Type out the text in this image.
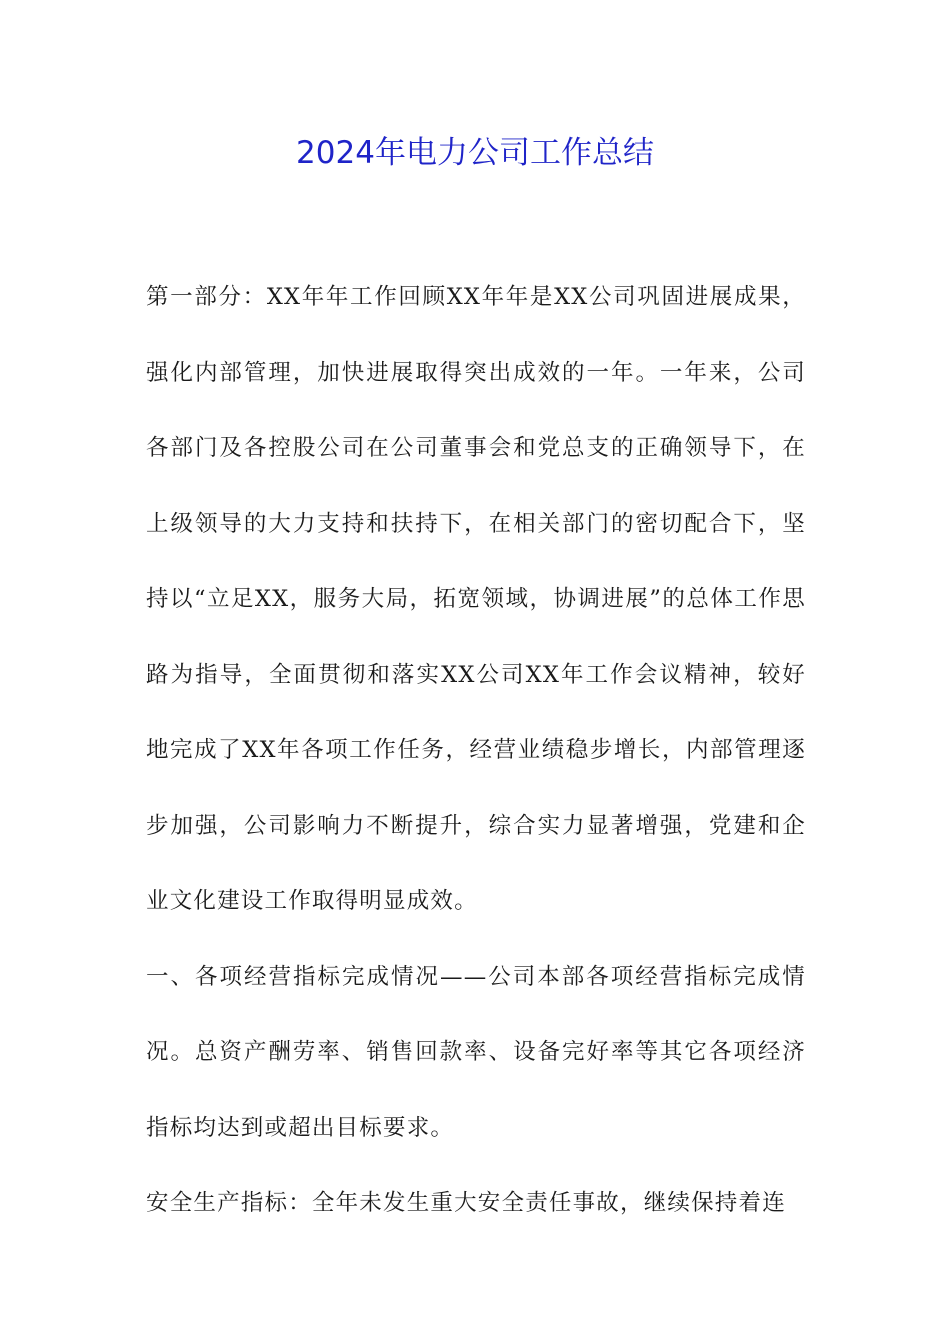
2024年电力公司工作总结

第一部分：XX年年工作回顾XX年年是XX公司巩固进展成果，强化内部管理，加快进展取得突出成效的一年。一年来，公司各部门及各控股公司在公司董事会和党总支的正确领导下，在上级领导的大力支持和扶持下，在相关部门的密切配合下，坚持以“立足XX，服务大局，拓宽领域，协调进展”的总体工作思路为指导，全面贯彻和落实XX公司XX年工作会议精神，较好地完成了XX年各项工作任务，经营业绩稳步增长，内部管理逐步加强，公司影响力不断提升，综合实力显著增强，党建和企业文化建设工作取得明显成效。

一、各项经营指标完成情况——公司本部各项经营指标完成情况。总资产酬劳率、销售回款率、设备完好率等其它各项经济指标均达到或超出目标要求。

安全生产指标：全年未发生重大安全责任事故，继续保持着连
